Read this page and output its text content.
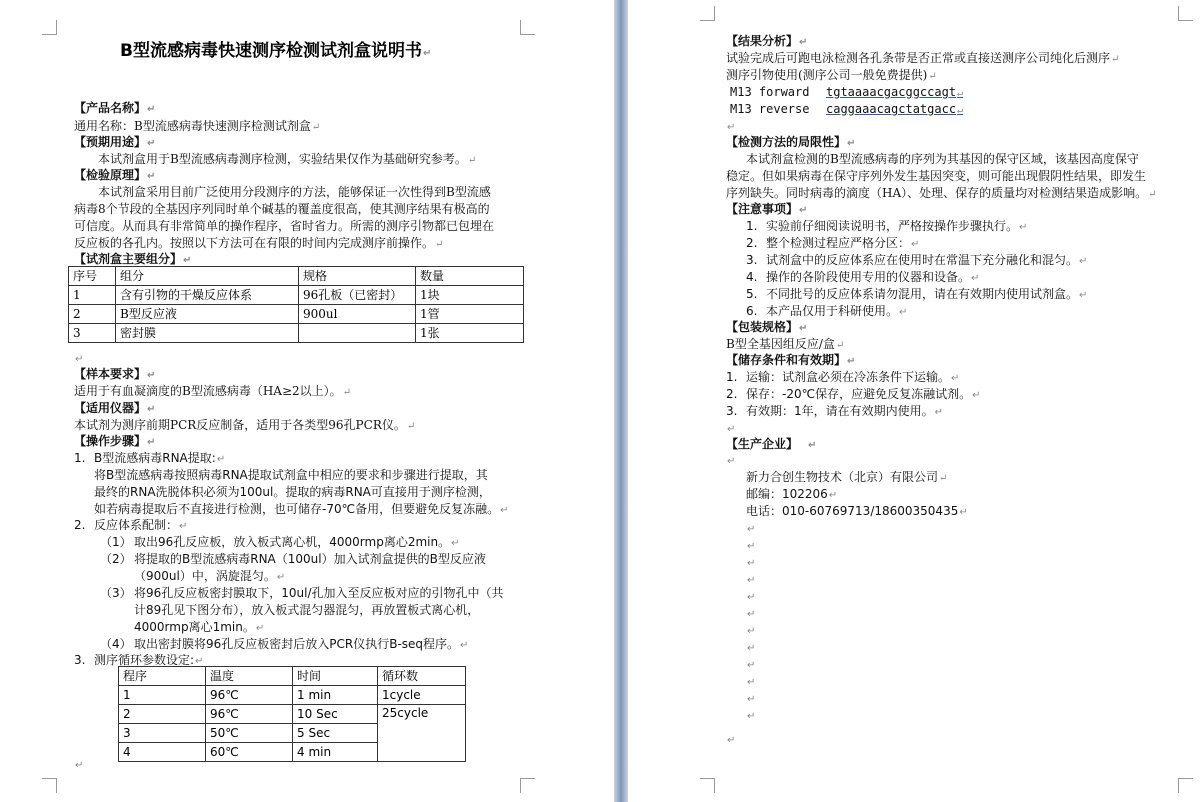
B型流感病毒快速测序检测试剂盒说明书↵
【产品名称】↵
通用名称：B型流感病毒快速测序检测试剂盒↵
【预期用途】↵
本试剂盒用于B型流感病毒测序检测，实验结果仅作为基础研究参考。↵
【检验原理】↵
本试剂盒采用目前广泛使用分段测序的方法，能够保证一次性得到B型流感
病毒8个节段的全基因序列同时单个碱基的覆盖度很高，使其测序结果有极高的
可信度。从而具有非常简单的操作程序，省时省力。所需的测序引物都已包埋在
反应板的各孔内。按照以下方法可在有限的时间内完成测序前操作。↵
【试剂盒主要组分】↵
序号	组分	规格	数量
1	含有引物的干燥反应体系	96孔板（已密封）	1块
2	B型反应液	900ul	1管
3	密封膜		1张
↵
【样本要求】↵
适用于有血凝滴度的B型流感病毒（HA≥2以上）。↵
【适用仪器】↵
本试剂为测序前期PCR反应制备，适用于各类型96孔PCR仪。↵
【操作步骤】↵
1. B型流感病毒RNA提取:↵
将B型流感病毒按照病毒RNA提取试剂盒中相应的要求和步骤进行提取，其
最终的RNA洗脱体积必须为100ul。提取的病毒RNA可直接用于测序检测，
如若病毒提取后不直接进行检测，也可储存-70℃备用，但要避免反复冻融。↵
2. 反应体系配制：↵
（1） 取出96孔反应板，放入板式离心机，4000rmp离心2min。↵
（2） 将提取的B型流感病毒RNA（100ul）加入试剂盒提供的B型反应液
（900ul）中，涡旋混匀。↵
（3） 将96孔反应板密封膜取下，10ul/孔加入至反应板对应的引物孔中（共
计89孔见下图分布），放入板式混匀器混匀，再放置板式离心机，
4000rmp离心1min。↵
（4） 取出密封膜将96孔反应板密封后放入PCR仪执行B-seq程序。↵
3. 测序循环参数设定:↵
程序	温度	时间	循环数
1	96℃	1 min	1cycle
2	96℃	10 Sec	25cycle
3	50℃	5 Sec	
4	60℃	4 min	
↵
【结果分析】↵
试验完成后可跑电泳检测各孔条带是否正常或直接送测序公司纯化后测序↵
测序引物使用(测序公司一般免费提供)↵
M13 forward tgtaaaacgacggccagt↵
M13 reverse caggaaacagctatgacc↵
↵
【检测方法的局限性】↵
本试剂盒检测的B型流感病毒的序列为其基因的保守区域，该基因高度保守
稳定。但如果病毒在保守序列外发生基因突变，则可能出现假阴性结果，即发生
序列缺失。同时病毒的滴度（HA）、处理、保存的质量均对检测结果造成影响。↵
【注意事项】↵
1. 实验前仔细阅读说明书，严格按操作步骤执行。↵
2. 整个检测过程应严格分区：↵
3. 试剂盒中的反应体系应在使用时在常温下充分融化和混匀。↵
4. 操作的各阶段使用专用的仪器和设备。↵
5. 不同批号的反应体系请勿混用，请在有效期内使用试剂盒。↵
6. 本产品仅用于科研使用。↵
【包装规格】↵
B型全基因组反应/盒↵
【储存条件和有效期】↵
1. 运输：试剂盒必须在冷冻条件下运输。↵
2. 保存：-20℃保存，应避免反复冻融试剂。↵
3. 有效期：1年，请在有效期内使用。↵
↵
【生产企业】 ↵
↵
新力合创生物技术（北京）有限公司↵
邮编：102206↵
电话：010-60769713/18600350435↵
↵
↵
↵
↵
↵
↵
↵
↵
↵
↵
↵
↵
↵
